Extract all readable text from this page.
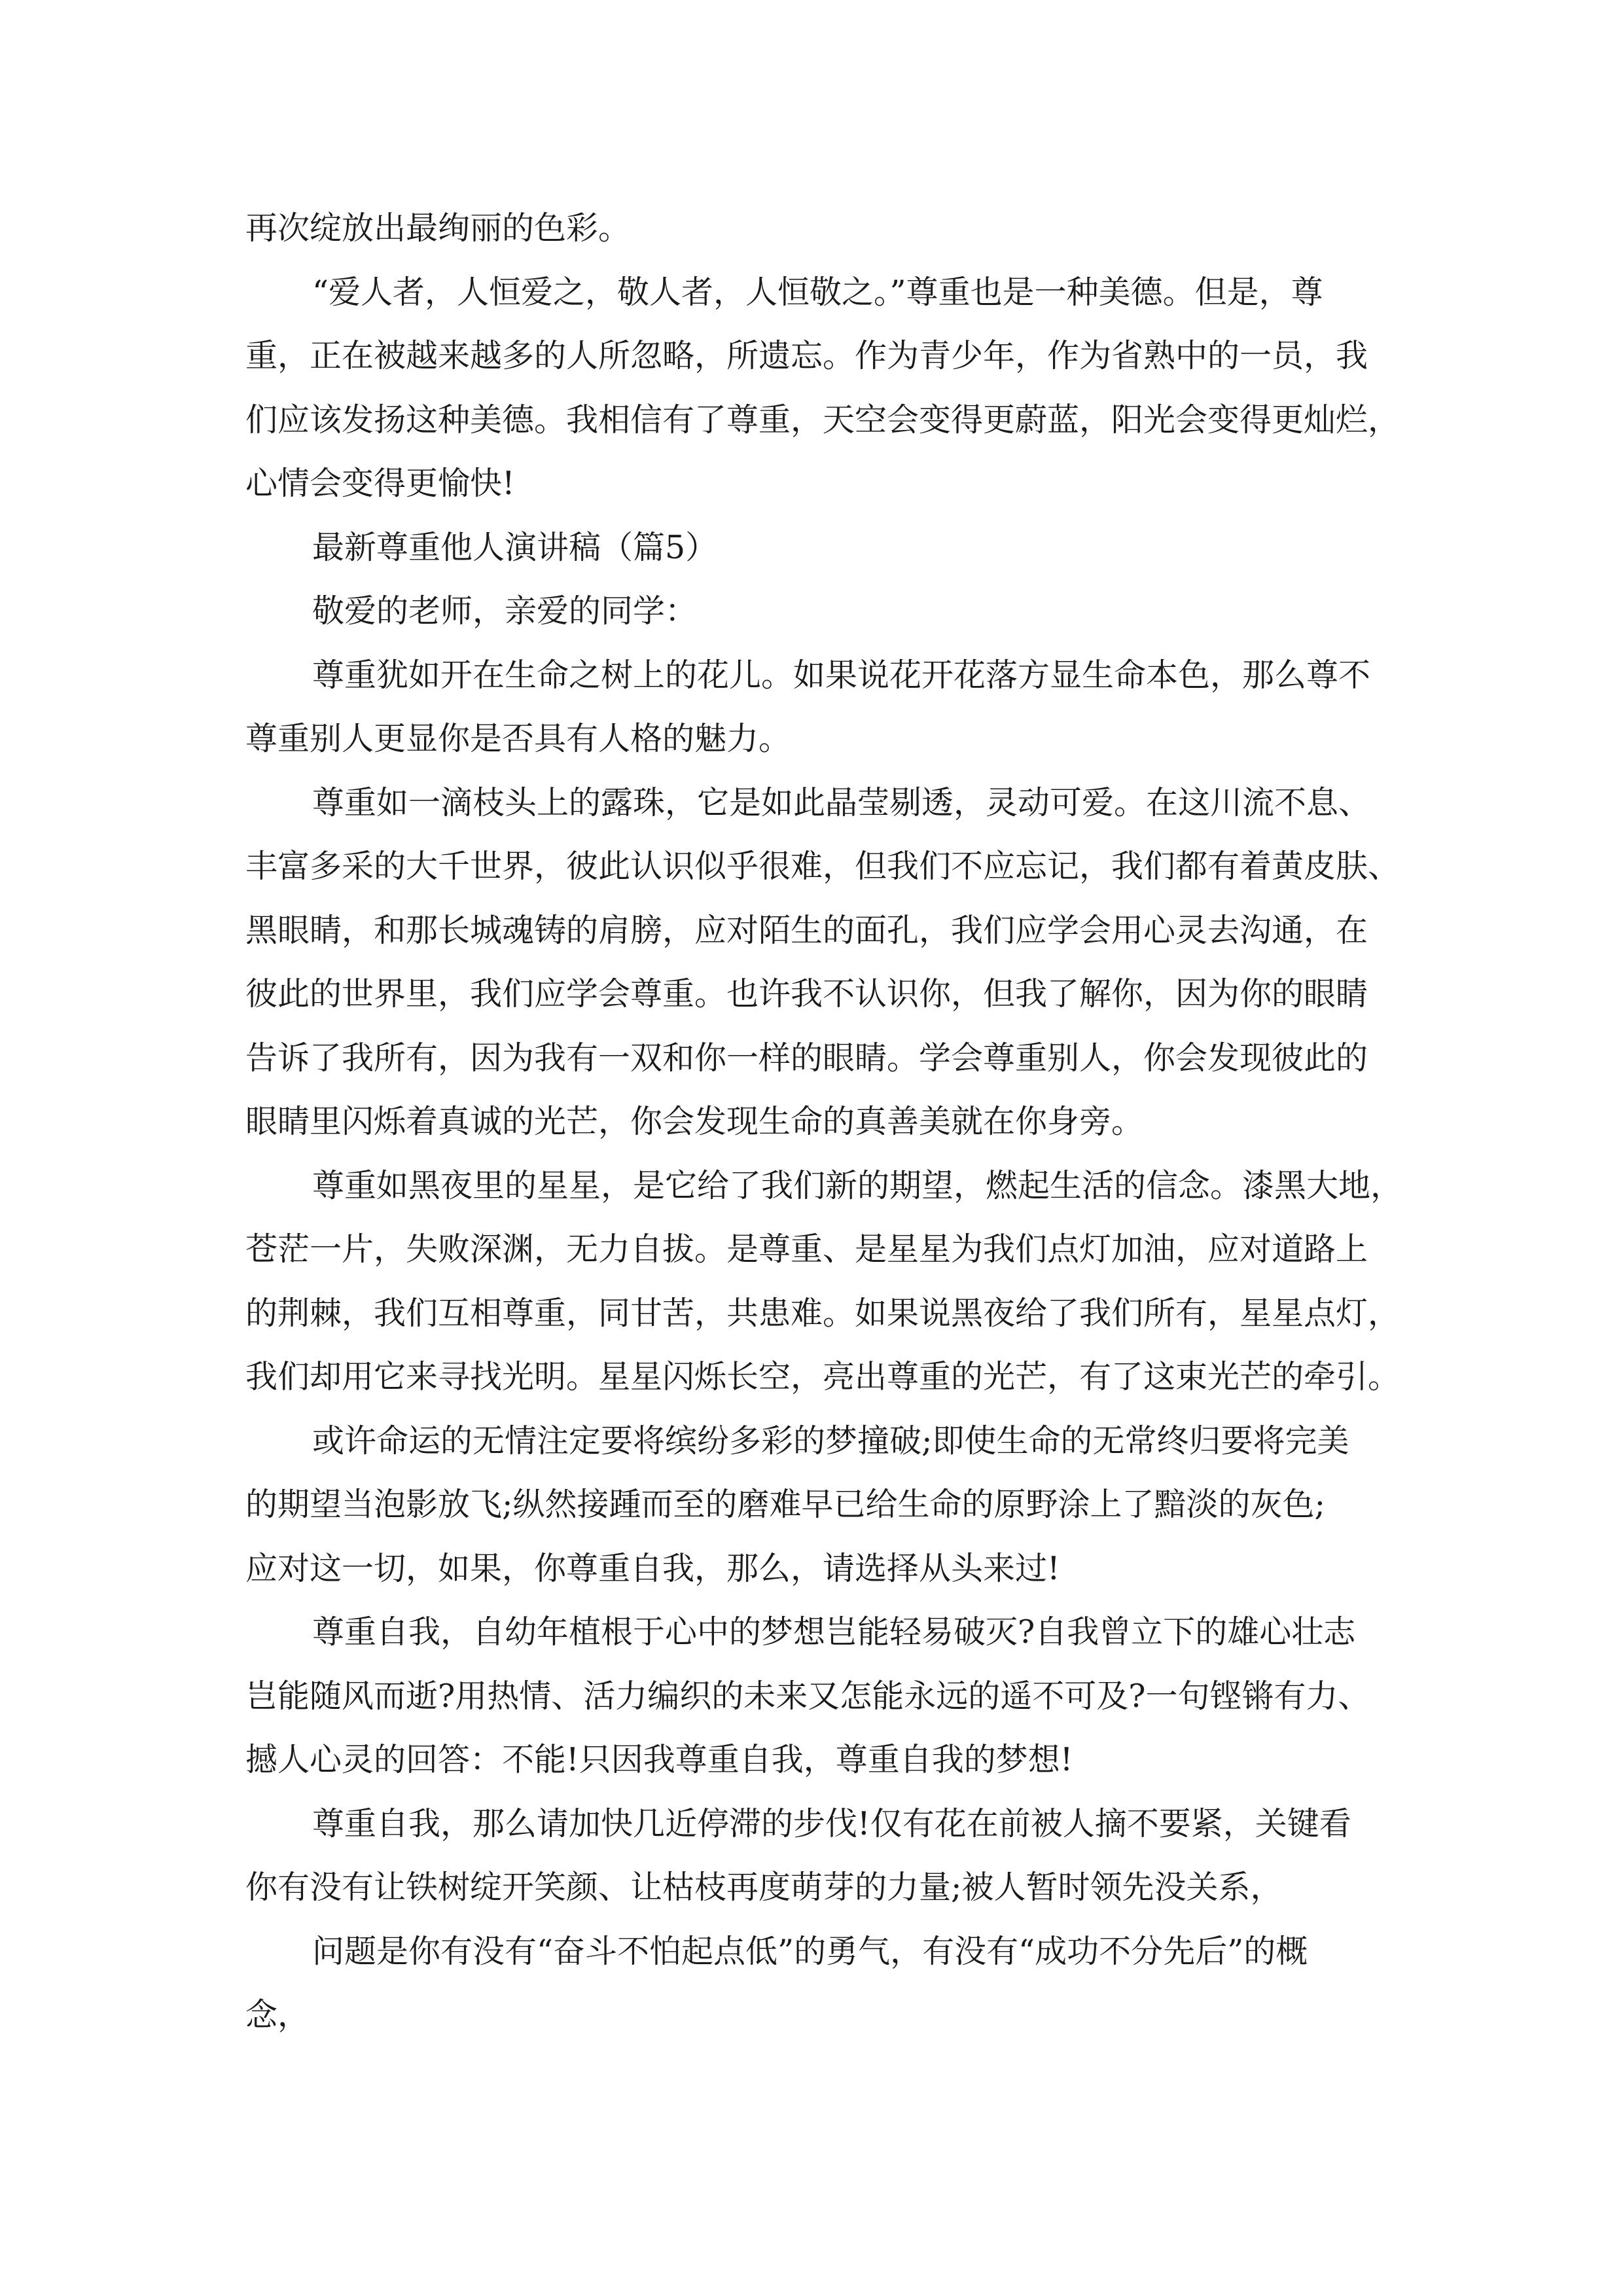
再次绽放出最绚丽的色彩。
“爱人者，人恒爱之，敬人者，人恒敬之。”尊重也是一种美德。但是，尊
重，正在被越来越多的人所忽略，所遗忘。作为青少年，作为省熟中的一员，我
们应该发扬这种美德。我相信有了尊重，天空会变得更蔚蓝，阳光会变得更灿烂，
心情会变得更愉快!
最新尊重他人演讲稿（篇5）
敬爱的老师，亲爱的同学：
尊重犹如开在生命之树上的花儿。如果说花开花落方显生命本色，那么尊不
尊重别人更显你是否具有人格的魅力。
尊重如一滴枝头上的露珠，它是如此晶莹剔透，灵动可爱。在这川流不息、
丰富多采的大千世界，彼此认识似乎很难，但我们不应忘记，我们都有着黄皮肤、
黑眼睛，和那长城魂铸的肩膀，应对陌生的面孔，我们应学会用心灵去沟通，在
彼此的世界里，我们应学会尊重。也许我不认识你，但我了解你，因为你的眼睛
告诉了我所有，因为我有一双和你一样的眼睛。学会尊重别人，你会发现彼此的
眼睛里闪烁着真诚的光芒，你会发现生命的真善美就在你身旁。
尊重如黑夜里的星星，是它给了我们新的期望，燃起生活的信念。漆黑大地，
苍茫一片，失败深渊，无力自拔。是尊重、是星星为我们点灯加油，应对道路上
的荆棘，我们互相尊重，同甘苦，共患难。如果说黑夜给了我们所有，星星点灯，
我们却用它来寻找光明。星星闪烁长空，亮出尊重的光芒，有了这束光芒的牵引。
或许命运的无情注定要将缤纷多彩的梦撞破;即使生命的无常终归要将完美
的期望当泡影放飞;纵然接踵而至的磨难早已给生命的原野涂上了黯淡的灰色;
应对这一切，如果，你尊重自我，那么，请选择从头来过!
尊重自我，自幼年植根于心中的梦想岂能轻易破灭?自我曾立下的雄心壮志
岂能随风而逝?用热情、活力编织的未来又怎能永远的遥不可及?一句铿锵有力、
撼人心灵的回答：不能!只因我尊重自我，尊重自我的梦想!
尊重自我，那么请加快几近停滞的步伐!仅有花在前被人摘不要紧，关键看
你有没有让铁树绽开笑颜、让枯枝再度萌芽的力量;被人暂时领先没关系，
问题是你有没有“奋斗不怕起点低”的勇气，有没有“成功不分先后”的概
念，
